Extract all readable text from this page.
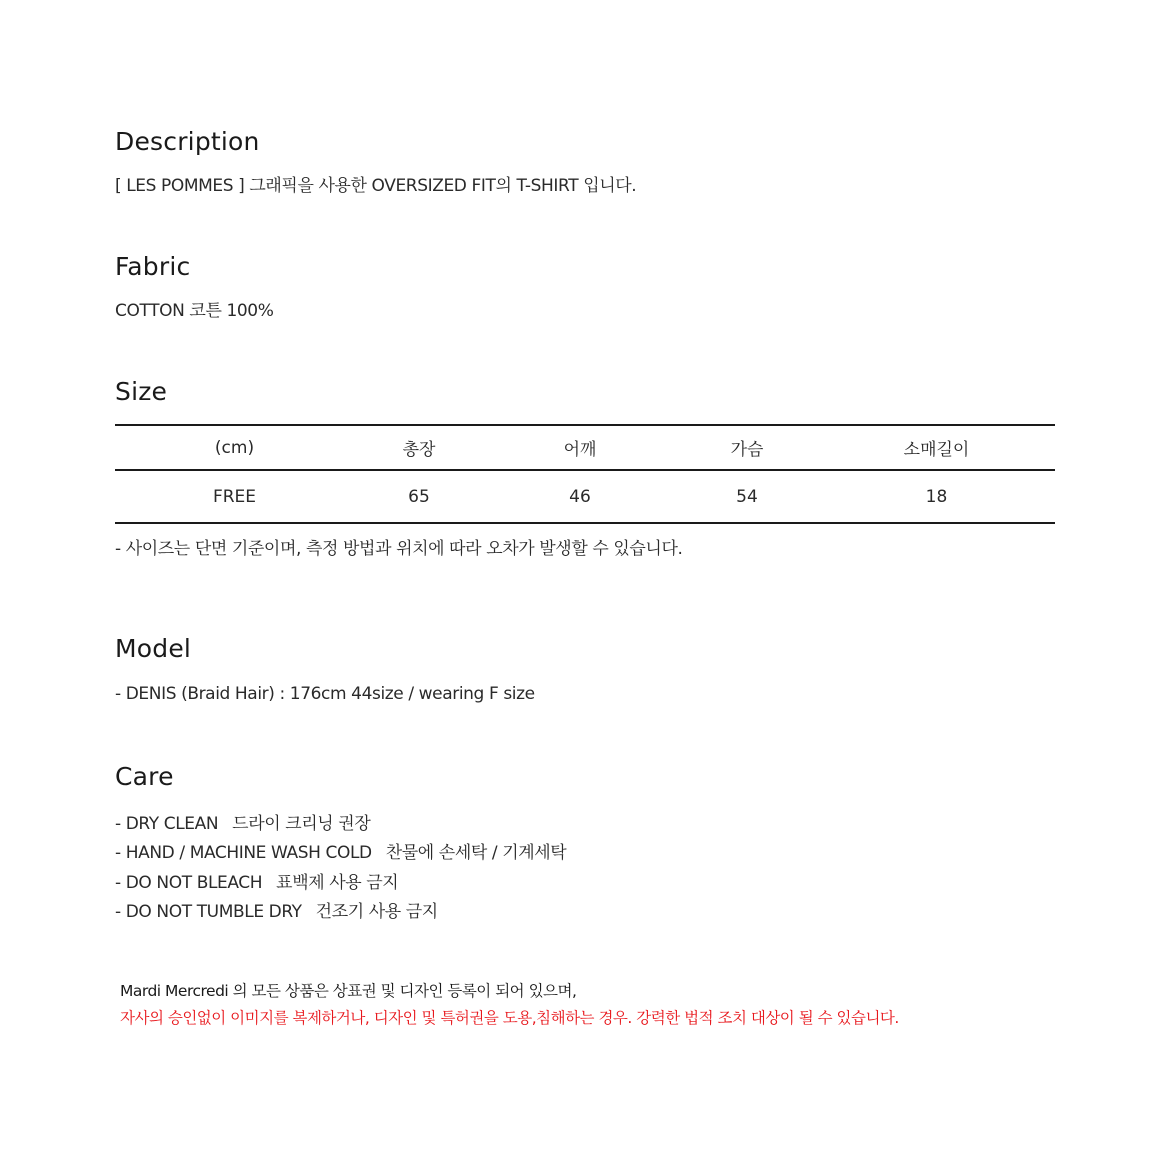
Description

[ LES POMMES ] 그래픽을 사용한 OVERSIZED FIT의 T-SHIRT 입니다.

Fabric

COTTON 코튼 100%

Size
(cm)	총장	어깨	가슴	소매길이
FREE	65	46	54	18

- 사이즈는 단면 기준이며, 측정 방법과 위치에 따라 오차가 발생할 수 있습니다.

Model

- DENIS (Braid Hair) : 176cm 44size / wearing F size

Care
- DRY CLEAN 드라이 크리닝 권장
- HAND / MACHINE WASH COLD 찬물에 손세탁 / 기계세탁
- DO NOT BLEACH 표백제 사용 금지
- DO NOT TUMBLE DRY 건조기 사용 금지
Mardi Mercredi 의 모든 상품은 상표권 및 디자인 등록이 되어 있으며,
자사의 승인없이 이미지를 복제하거나, 디자인 및 특허권을 도용,침해하는 경우. 강력한 법적 조치 대상이 될 수 있습니다.
